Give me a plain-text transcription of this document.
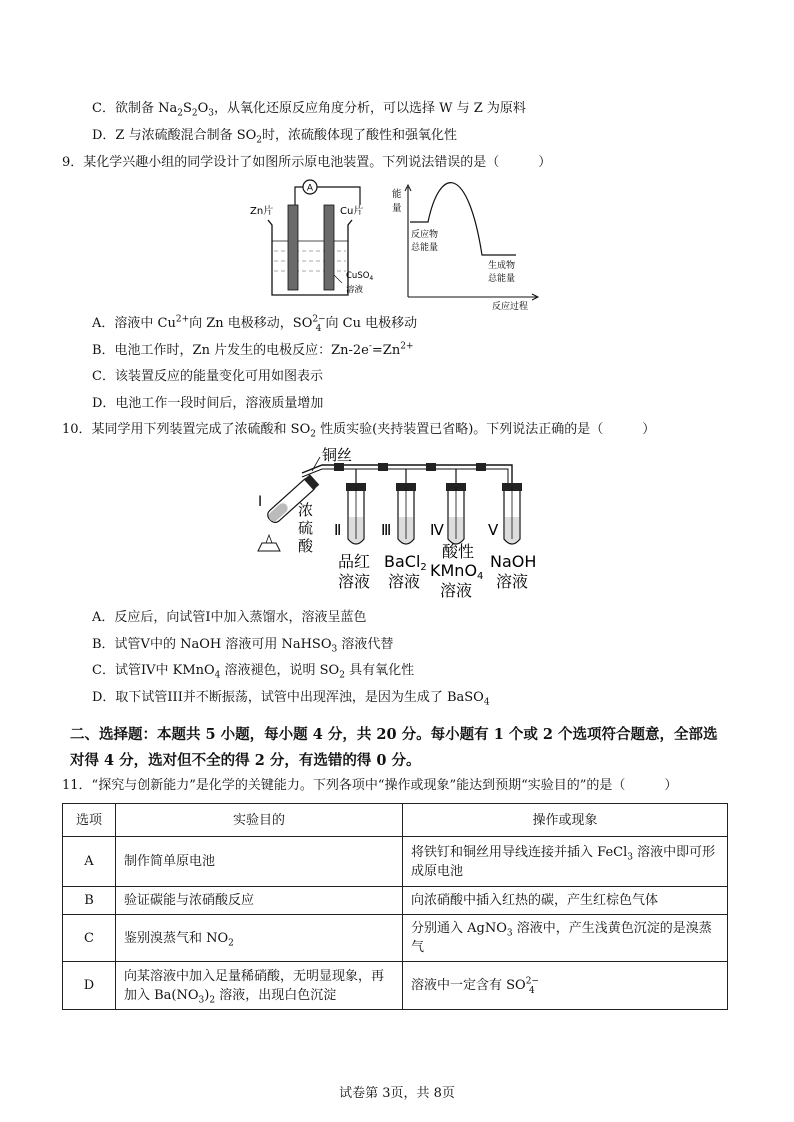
C．欲制备 $Na_2S_2O_3$，从氧化还原反应角度分析，可以选择 W 与 Z 为原料
D．Z 与浓硫酸混合制备 $SO_2$时，浓硫酸体现了酸性和强氧化性
9．某化学兴趣小组的同学设计了如图所示原电池装置。下列说法错误的是（　　　）
A
Zn片	Cu片
CuSO$_4$
溶液
能
量
反应物
总能量
生成物
总能量
反应过程
A．溶液中 $Cu^{2+}$向 Zn 电极移动，$SO^{2-}_4$ 向 Cu 电极移动
B．电池工作时，Zn 片发生的电极反应：$Zn-2e^-=Zn^{2+}$
C．该装置反应的能量变化可用如图表示
D．电池工作一段时间后，溶液质量增加
10．某同学用下列装置完成了浓硫酸和 $SO_2$ 性质实验(夹持装置已省略)。下列说法正确的是（　　　）
铜丝
I 浓
硫
酸
Ⅱ	Ⅲ	Ⅳ	Ⅴ
品红
溶液
BaCl2
溶液
酸性
KMnO4
溶液
NaOH
溶液
A．反应后，向试管I中加入蒸馏水，溶液呈蓝色
B．试管V中的 NaOH 溶液可用 NaHSO$_3$ 溶液代替
C．试管IV中 KMnO$_4$ 溶液褪色，说明 $SO_2$ 具有氧化性
D．取下试管III并不断振荡，试管中出现浑浊，是因为生成了 BaSO$_4$
二、选择题：本题共 5 小题，每小题 4 分，共 20 分。每小题有 1 个或 2 个选项符合题意，全部选对得 4 分，选对但不全的得 2 分，有选错的得 0 分。
11．“探究与创新能力”是化学的关键能力。下列各项中“操作或现象”能达到预期“实验目的”的是（　　　）
选项	实验目的	操作或现象
A	制作简单原电池	将铁钉和铜丝用导线连接并插入 FeCl$_3$ 溶液中即可形成原电池
B	验证碳能与浓硝酸反应	向浓硝酸中插入红热的碳，产生红棕色气体
C	鉴别溴蒸气和 $NO_2$	分别通入 AgNO$_3$ 溶液中，产生浅黄色沉淀的是溴蒸气
D	向某溶液中加入足量稀硝酸，无明显现象，再加入 $Ba(NO_3)_2$ 溶液，出现白色沉淀	溶液中一定含有 $SO^{2-}_4$
试卷第 3页，共 8页
